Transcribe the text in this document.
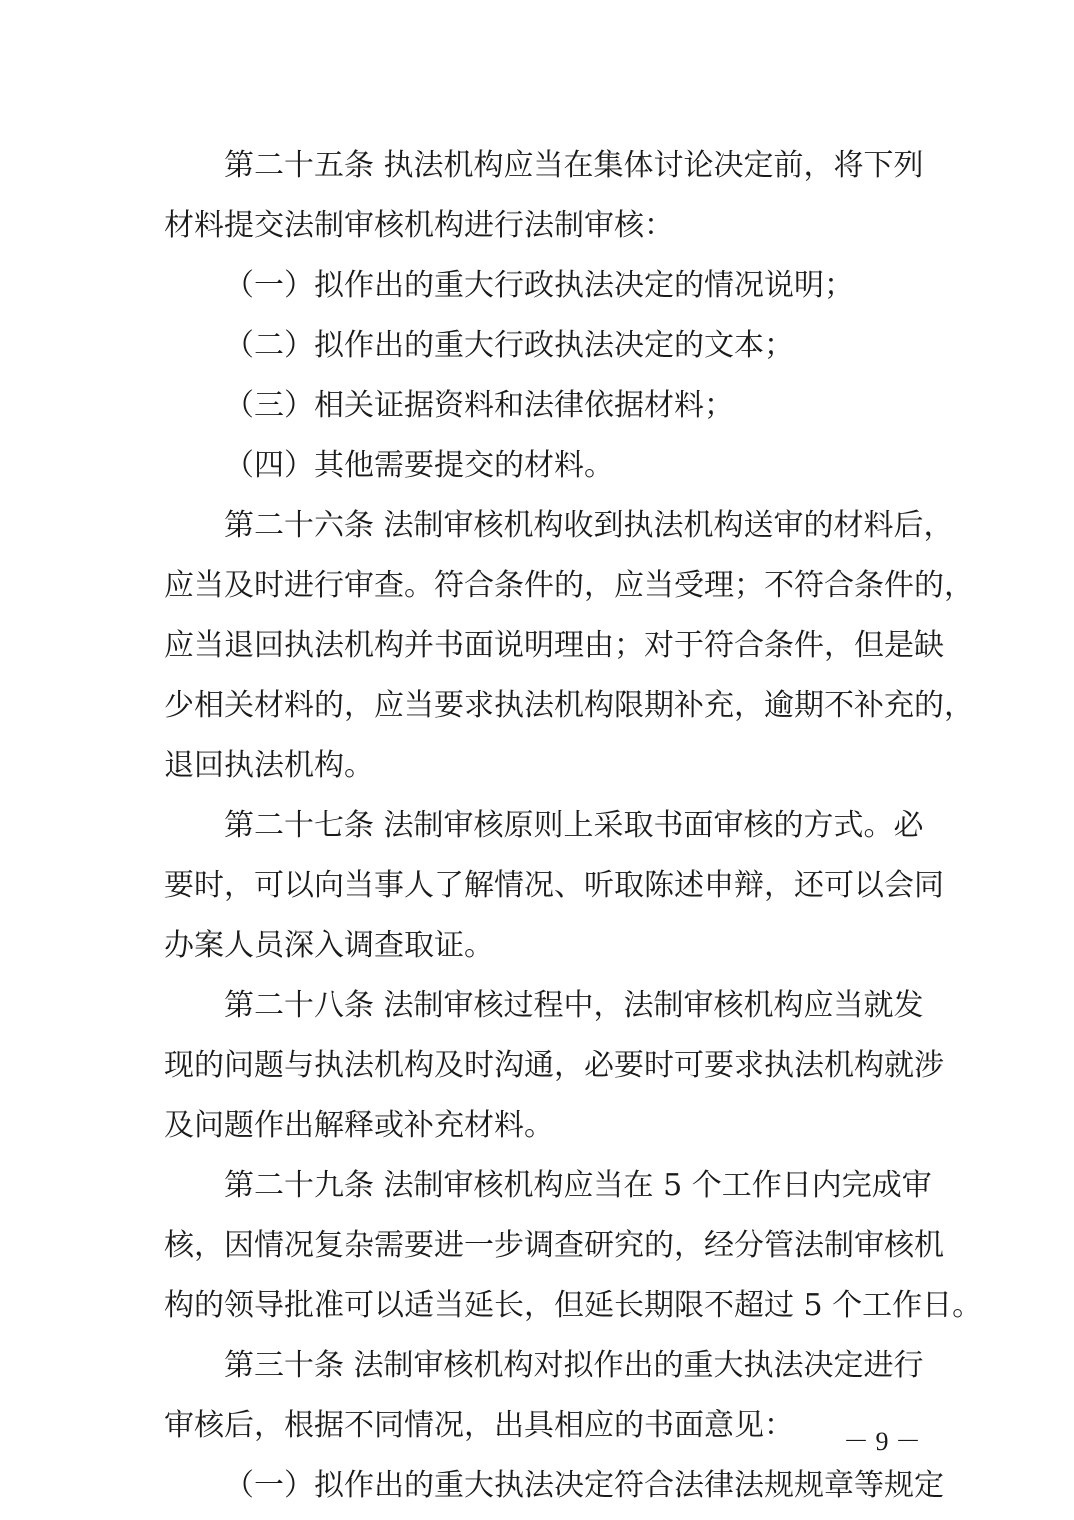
第二十五条 执法机构应当在集体讨论决定前，将下列
材料提交法制审核机构进行法制审核：
（一）拟作出的重大行政执法决定的情况说明；
（二）拟作出的重大行政执法决定的文本；
（三）相关证据资料和法律依据材料；
（四）其他需要提交的材料。
第二十六条 法制审核机构收到执法机构送审的材料后，
应当及时进行审查。符合条件的，应当受理；不符合条件的，
应当退回执法机构并书面说明理由；对于符合条件，但是缺
少相关材料的，应当要求执法机构限期补充，逾期不补充的，
退回执法机构。
第二十七条 法制审核原则上采取书面审核的方式。必
要时，可以向当事人了解情况、听取陈述申辩，还可以会同
办案人员深入调查取证。
第二十八条 法制审核过程中，法制审核机构应当就发
现的问题与执法机构及时沟通，必要时可要求执法机构就涉
及问题作出解释或补充材料。
第二十九条 法制审核机构应当在 5 个工作日内完成审
核，因情况复杂需要进一步调查研究的，经分管法制审核机
构的领导批准可以适当延长，但延长期限不超过 5 个工作日。
第三十条 法制审核机构对拟作出的重大执法决定进行
审核后，根据不同情况，出具相应的书面意见：
（一）拟作出的重大执法决定符合法律法规规章等规定
－ 9 －
